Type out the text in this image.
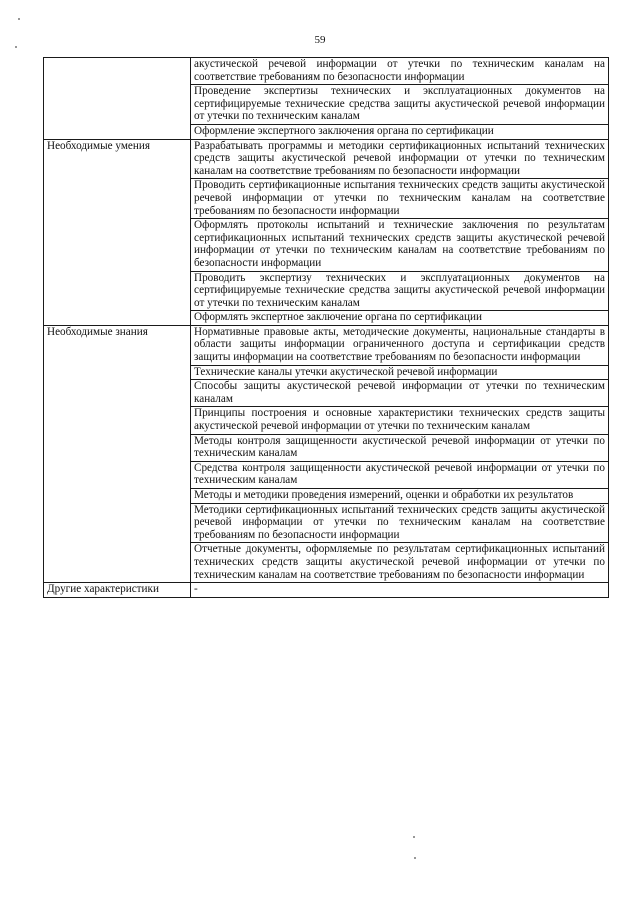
59
	акустической речевой информации от утечки по техническим каналам на соответствие требованиям по безопасности информации
	Проведение экспертизы технических и эксплуатационных документов на сертифицируемые технические средства защиты акустической речевой информации от утечки по техническим каналам
	Оформление экспертного заключения органа по сертификации
Необходимые умения	Разрабатывать программы и методики сертификационных испытаний технических средств защиты акустической речевой информации от утечки по техническим каналам на соответствие требованиям по безопасности информации
	Проводить сертификационные испытания технических средств защиты акустической речевой информации от утечки по техническим каналам на соответствие требованиям по безопасности информации
	Оформлять протоколы испытаний и технические заключения по результатам сертификационных испытаний технических средств защиты акустической речевой информации от утечки по техническим каналам на соответствие требованиям по безопасности информации
	Проводить экспертизу технических и эксплуатационных документов на сертифицируемые технические средства защиты акустической речевой информации от утечки по техническим каналам
	Оформлять экспертное заключение органа по сертификации
Необходимые знания	Нормативные правовые акты, методические документы, национальные стандарты в области защиты информации ограниченного доступа и сертификации средств защиты информации на соответствие требованиям по безопасности информации
	Технические каналы утечки акустической речевой информации
	Способы защиты акустической речевой информации от утечки по техническим каналам
	Принципы построения и основные характеристики технических средств защиты акустической речевой информации от утечки по техническим каналам
	Методы контроля защищенности акустической речевой информации от утечки по техническим каналам
	Средства контроля защищенности акустической речевой информации от утечки по техническим каналам
	Методы и методики проведения измерений, оценки и обработки их результатов
	Методики сертификационных испытаний технических средств защиты акустической речевой информации от утечки по техническим каналам на соответствие требованиям по безопасности информации
	Отчетные документы, оформляемые по результатам сертификационных испытаний технических средств защиты акустической речевой информации от утечки по техническим каналам на соответствие требованиям по безопасности информации
Другие характеристики	-
